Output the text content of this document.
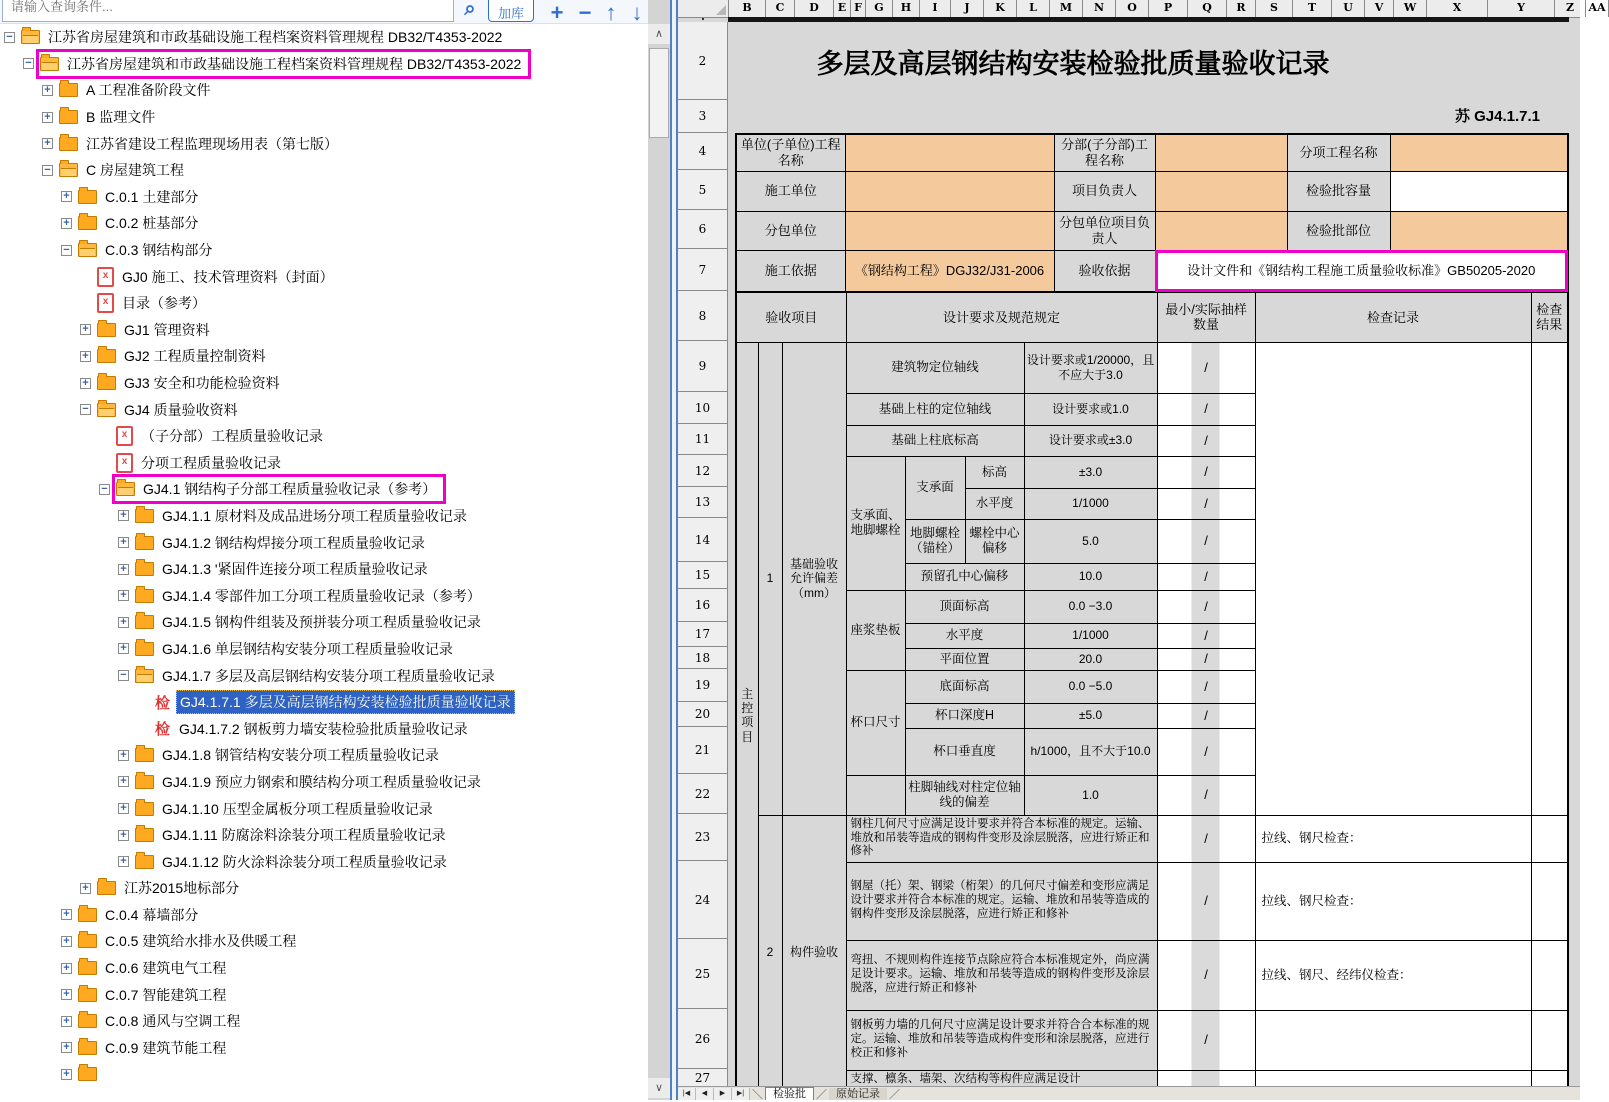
请输入查询条件...
⌕	加库	+ − ↑ ↓
−	江苏省房屋建筑和市政基础设施工程档案资料管理规程 DB32/T4353-2022
−	江苏省房屋建筑和市政基础设施工程档案资料管理规程 DB32/T4353-2022
+	A 工程准备阶段文件
+	B 监理文件
+	江苏省建设工程监理现场用表（第七版）
−	C 房屋建筑工程
+	C.0.1 土建部分
+	C.0.2 桩基部分
−	C.0.3 钢结构部分
x GJ0 施工、技术管理资料（封面）
x 目录（参考）
+	GJ1 管理资料
+	GJ2 工程质量控制资料
+	GJ3 安全和功能检验资料
−	GJ4 质量验收资料
x （子分部）工程质量验收记录
x 分项工程质量验收记录
−	GJ4.1 钢结构子分部工程质量验收记录（参考）
+	GJ4.1.1 原材料及成品进场分项工程质量验收记录
+	GJ4.1.2 钢结构焊接分项工程质量验收记录
+	GJ4.1.3 '紧固件连接分项工程质量验收记录
+	GJ4.1.4 零部件加工分项工程质量验收记录（参考）
+	GJ4.1.5 钢构件组装及预拼装分项工程质量验收记录
+	GJ4.1.6 单层钢结构安装分项工程质量验收记录
−	GJ4.1.7 多层及高层钢结构安装分项工程质量验收记录
检 GJ4.1.7.1 多层及高层钢结构安装检验批质量验收记录
检 GJ4.1.7.2 钢板剪力墙安装检验批质量验收记录
+	GJ4.1.8 钢管结构安装分项工程质量验收记录
+	GJ4.1.9 预应力钢索和膜结构分项工程质量验收记录
+	GJ4.1.10 压型金属板分项工程质量验收记录
+	GJ4.1.11 防腐涂料涂装分项工程质量验收记录
+	GJ4.1.12 防火涂料涂装分项工程质量验收记录
+	江苏2015地标部分
+	C.0.4 幕墙部分
+	C.0.5 建筑给水排水及供暖工程
+	C.0.6 建筑电气工程
+	C.0.7 智能建筑工程
+	C.0.8 通风与空调工程
+	C.0.9 建筑节能工程
+
∧
∨
B	C	D	E F	G	H	I	J	K	L	M	N	O	P	Q	R	S	T	U	V	W	X	Y	Z	AA
2
3
4
5
6
7
8
9
10
11
12
13
14
15
16
17
18
19
20
21
22
23
24
25
26
27
多层及高层钢结构安装检验批质量验收记录
苏 GJ4.1.7.1
单位(子单位)工程名称		分部(子分部)工程名称		分项工程名称	
施工单位		项目负责人		检验批容量	
分包单位		分包单位项目负责人		检验批部位	
施工依据	《钢结构工程》DGJ32/J31-2006	验收依据	设计文件和《钢结构工程施工质量验收标准》GB50205-2020		
验收项目			设计要求及规范规定				最小/实际抽样数量	检查记录	检查结果
主控项目	1	基础验收允许偏差（mm）	建筑物定位轴线			设计要求或1/20000，且不应大于3.0	/		
			基础上柱的定位轴线			设计要求或1.0	/		
			基础上柱底标高			设计要求或±3.0	/		
			支承面、地脚螺栓	支承面	标高	±3.0	/		
					水平度	1/1000	/		
				地脚螺栓（锚栓）	螺栓中心偏移	5.0	/		
				预留孔中心偏移		10.0	/		
			座浆垫板	顶面标高		0.0 −3.0	/		
				水平度		1/1000	/		
				平面位置		20.0	/		
			杯口尺寸	底面标高		0.0 −5.0	/		
				杯口深度H		±5.0	/		
				杯口垂直度		h/1000，且不大于10.0	/		
				柱脚轴线对柱定位轴线的偏差		1.0	/		
	2	构件验收	钢柱几何尺寸应满足设计要求并符合本标准的规定。运输、堆放和吊装等造成的钢构件变形及涂层脱落，应进行矫正和修补				/	拉线、钢尺检查：	
			钢屋（托）架、钢梁（桁架）的几何尺寸偏差和变形应满足设计要求并符合本标准的规定。运输、堆放和吊装等造成的钢构件变形及涂层脱落，应进行矫正和修补				/	拉线、钢尺检查：	
			弯扭、不规则构件连接节点除应符合本标准规定外，尚应满足设计要求。运输、堆放和吊装等造成的钢构件变形及涂层脱落，应进行矫正和修补				/	拉线、钢尺、经纬仪检查：	
			钢板剪力墙的几何尺寸应满足设计要求并符合合本标准的规定。运输、堆放和吊装等造成构件变形和涂层脱落，应进行校正和修补				/		
			支撑、檩条、墙架、次结构等构件应满足设计						
|◀	◀	▶	▶| ＼ 检验批 ／ 原始记录 ／
